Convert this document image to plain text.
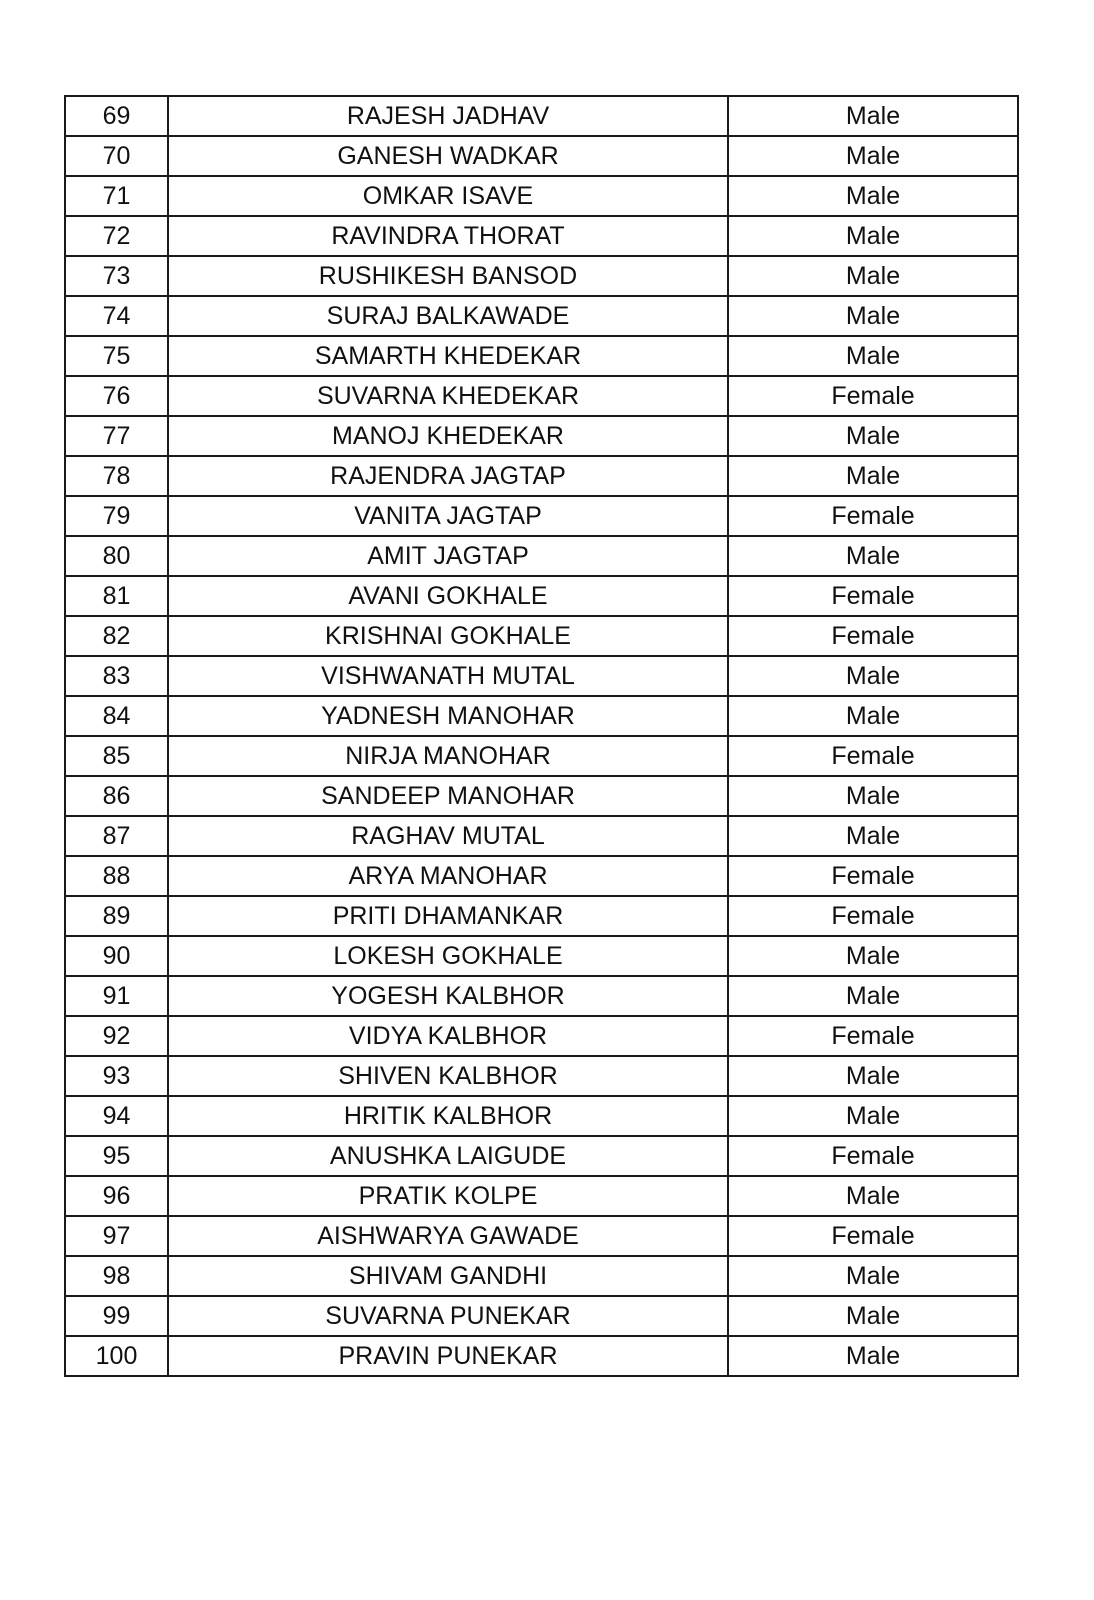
69	RAJESH JADHAV	Male
70	GANESH WADKAR	Male
71	OMKAR ISAVE	Male
72	RAVINDRA THORAT	Male
73	RUSHIKESH BANSOD	Male
74	SURAJ BALKAWADE	Male
75	SAMARTH KHEDEKAR	Male
76	SUVARNA KHEDEKAR	Female
77	MANOJ KHEDEKAR	Male
78	RAJENDRA JAGTAP	Male
79	VANITA JAGTAP	Female
80	AMIT JAGTAP	Male
81	AVANI GOKHALE	Female
82	KRISHNAI GOKHALE	Female
83	VISHWANATH MUTAL	Male
84	YADNESH MANOHAR	Male
85	NIRJA MANOHAR	Female
86	SANDEEP MANOHAR	Male
87	RAGHAV MUTAL	Male
88	ARYA MANOHAR	Female
89	PRITI DHAMANKAR	Female
90	LOKESH GOKHALE	Male
91	YOGESH KALBHOR	Male
92	VIDYA KALBHOR	Female
93	SHIVEN KALBHOR	Male
94	HRITIK KALBHOR	Male
95	ANUSHKA LAIGUDE	Female
96	PRATIK KOLPE	Male
97	AISHWARYA GAWADE	Female
98	SHIVAM GANDHI	Male
99	SUVARNA PUNEKAR	Male
100	PRAVIN PUNEKAR	Male
